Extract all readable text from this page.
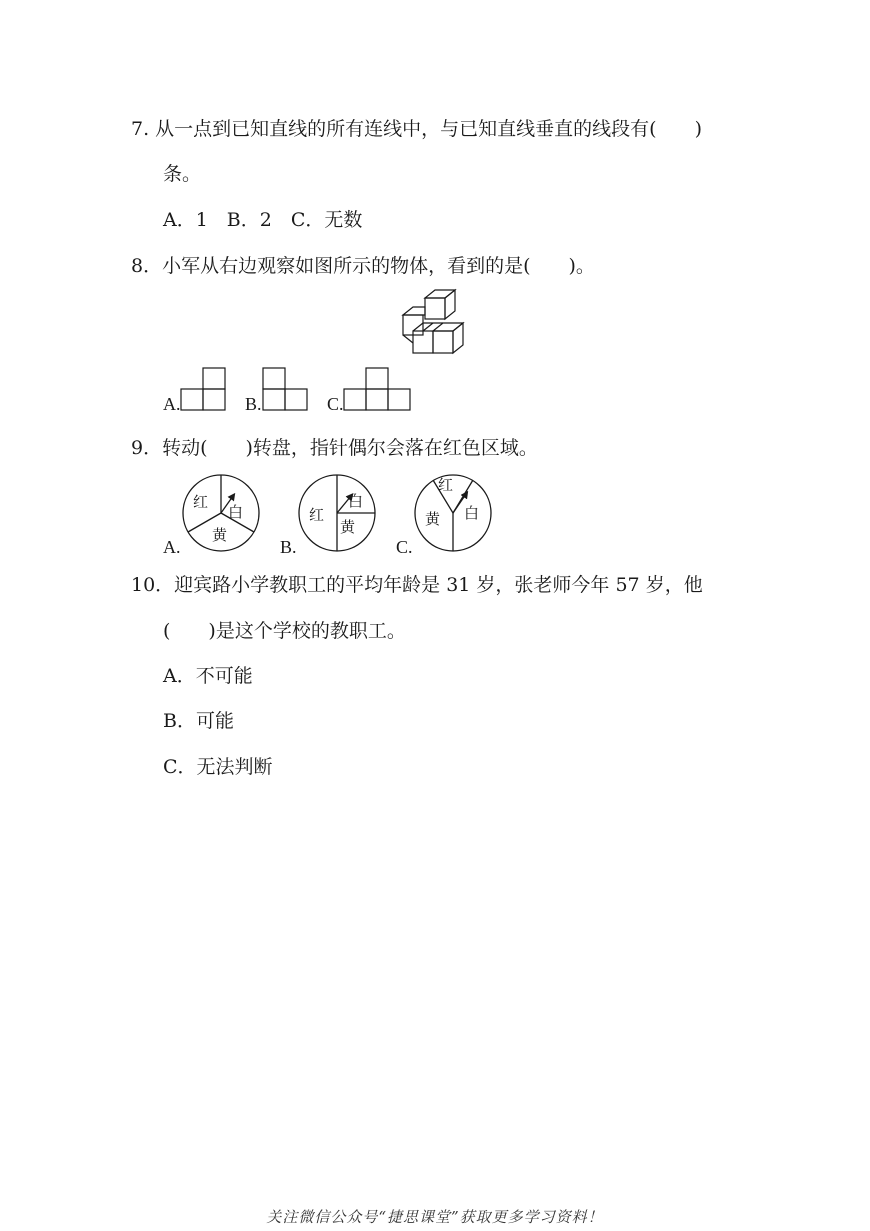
7. 从一点到已知直线的所有连线中，与已知直线垂直的线段有(　　)
条。
A．1　B．2　C．无数
8．小军从右边观察如图所示的物体，看到的是(　　)。
A.	B.	C.
9．转动(　　)转盘，指针偶尔会落在红色区域。
A.
红
白
黄
B.
红
白
黄
C.
红
白
黄
10．迎宾路小学教职工的平均年龄是 31 岁，张老师今年 57 岁，他
(　　)是这个学校的教职工。
A．不可能
B．可能
C．无法判断
关注微信公众号“捷思课堂”获取更多学习资料！
